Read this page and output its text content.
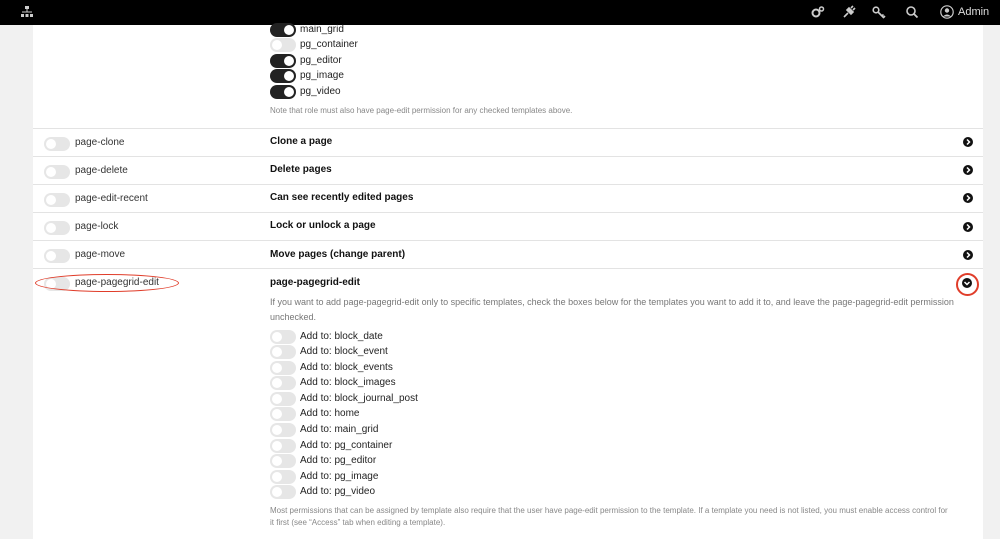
Admin
main_grid
pg_container
pg_editor
pg_image
pg_video
Note that role must also have page-edit permission for any checked templates above.
page-clone	Clone a page
page-delete	Delete pages
page-edit-recent	Can see recently edited pages
page-lock	Lock or unlock a page
page-move	Move pages (change parent)
page-pagegrid-edit	page-pagegrid-edit
If you want to add page-pagegrid-edit only to specific templates, check the boxes below for the templates you want to add it to, and leave the page-pagegrid-edit permission unchecked.
Add to: block_date
Add to: block_event
Add to: block_events
Add to: block_images
Add to: block_journal_post
Add to: home
Add to: main_grid
Add to: pg_container
Add to: pg_editor
Add to: pg_image
Add to: pg_video
Most permissions that can be assigned by template also require that the user have page-edit permission to the template. If a template you need is not listed, you must enable access control for it first (see “Access” tab when editing a template).
